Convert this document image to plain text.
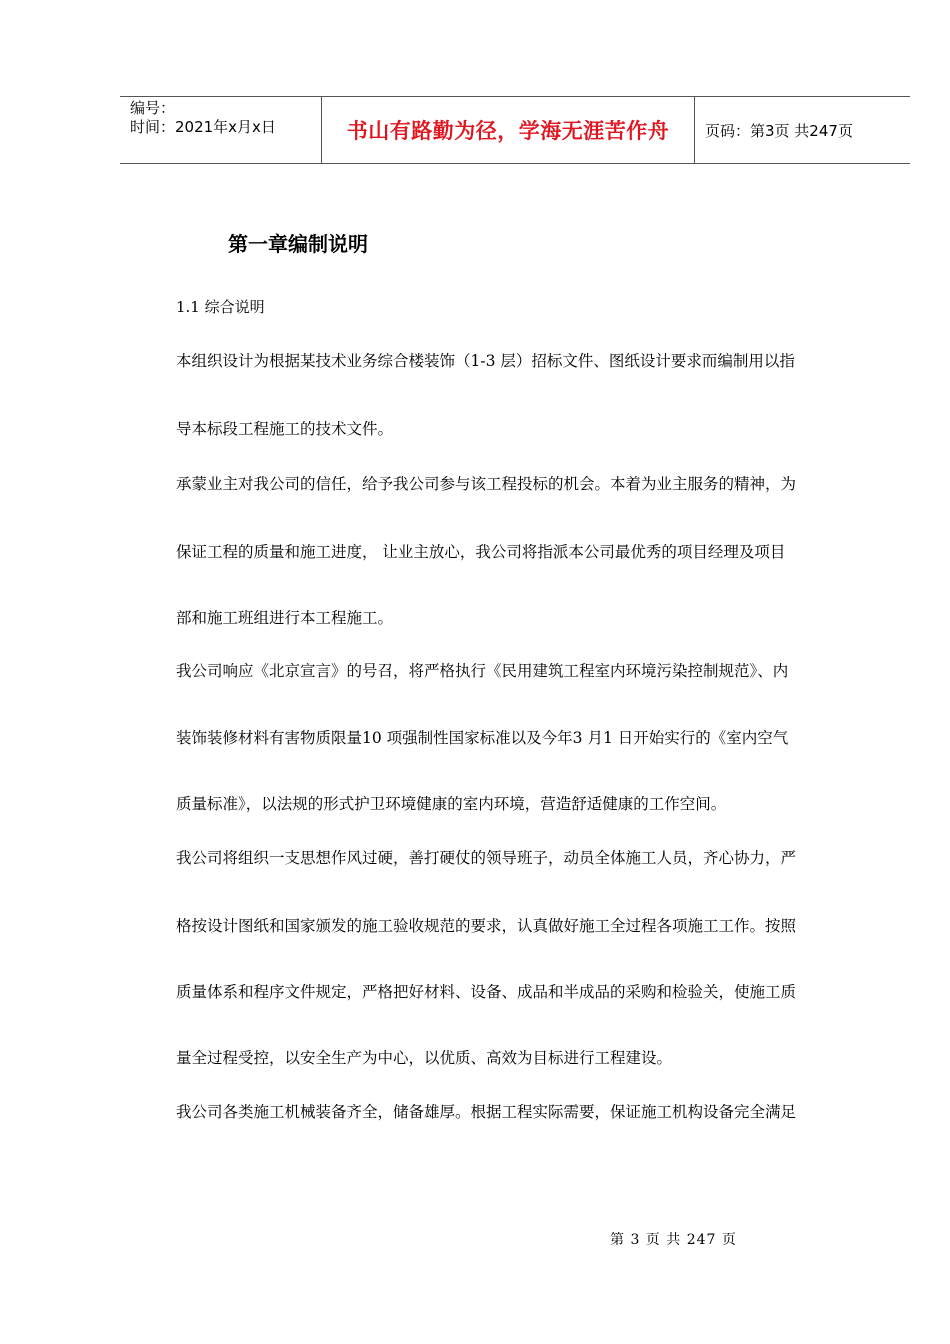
编号：
时间：2021年x月x日	书山有路勤为径，学海无涯苦作舟	页码：第3页 共247页
第一章编制说明

1.1 综合说明

本组织设计为根据某技术业务综合楼装饰（1-3 层）招标文件、图纸设计要求而编制用以指

导本标段工程施工的技术文件。

承蒙业主对我公司的信任，给予我公司参与该工程投标的机会。本着为业主服务的精神，为

保证工程的质量和施工进度， 让业主放心，我公司将指派本公司最优秀的项目经理及项目

部和施工班组进行本工程施工。

我公司响应《北京宣言》的号召，将严格执行《民用建筑工程室内环境污染控制规范》、内

装饰装修材料有害物质限量10 项强制性国家标准以及今年3 月1 日开始实行的《室内空气

质量标准》，以法规的形式护卫环境健康的室内环境，营造舒适健康的工作空间。

我公司将组织一支思想作风过硬，善打硬仗的领导班子，动员全体施工人员，齐心协力，严

格按设计图纸和国家颁发的施工验收规范的要求，认真做好施工全过程各项施工工作。按照

质量体系和程序文件规定，严格把好材料、设备、成品和半成品的采购和检验关，使施工质

量全过程受控，以安全生产为中心，以优质、高效为目标进行工程建设。

我公司各类施工机械装备齐全，储备雄厚。根据工程实际需要，保证施工机构设备完全满足

第 3 页 共 247 页
